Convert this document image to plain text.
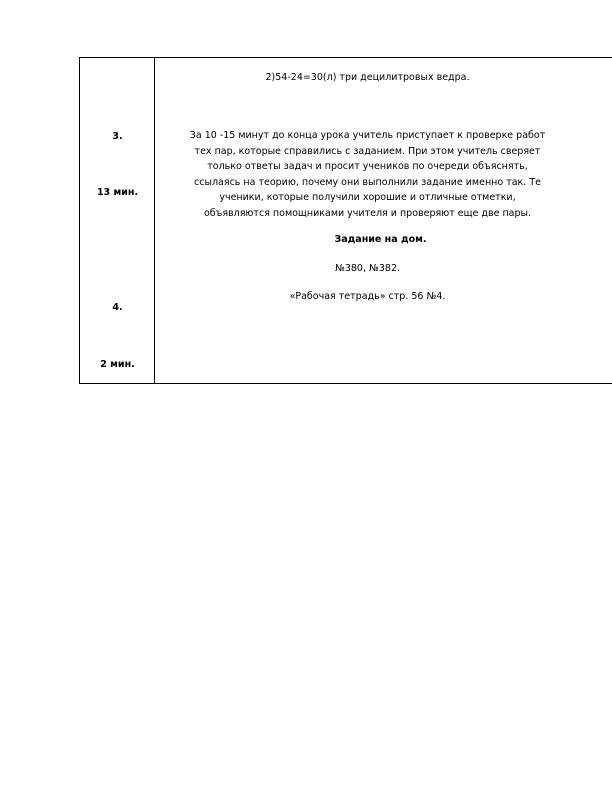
3.
13 мин.
4.
2 мин.
2)54-24=30(л) три децилитровых ведра.
За 10 -15 минут до конца урока учитель приступает к проверке работ
тех пар, которые справились с заданием. При этом учитель сверяет
только ответы задач и просит учеников по очереди объяснять,
ссылаясь на теорию, почему они выполнили задание именно так. Те
ученики, которые получили хорошие и отличные отметки,
объявляются помощниками учителя и проверяют еще две пары.
Задание на дом.
№380, №382.
«Рабочая тетрадь» стр. 56 №4.
